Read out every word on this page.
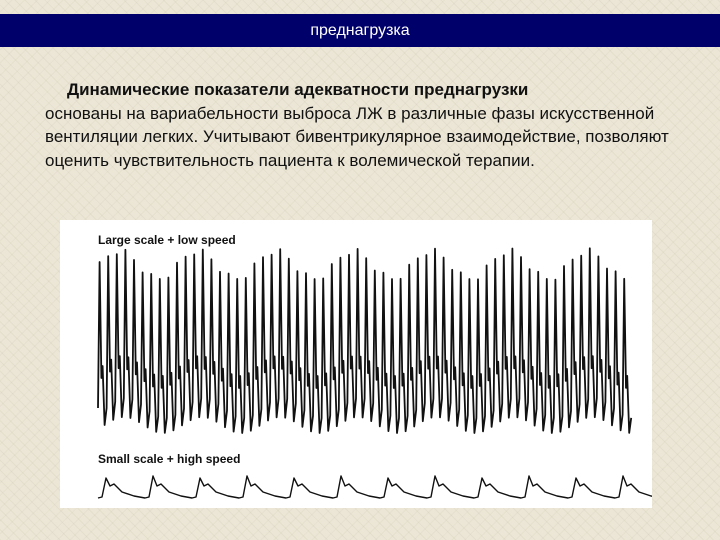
преднагрузка
Динамические показатели адекватности преднагрузки
основаны на вариабельности выброса ЛЖ в различные фазы искусственной вентиляции легких. Учитывают бивентрикулярное взаимодействие, позволяют оценить чувствительность пациента к волемической терапии.
Large scale + low speed
Small scale + high speed
